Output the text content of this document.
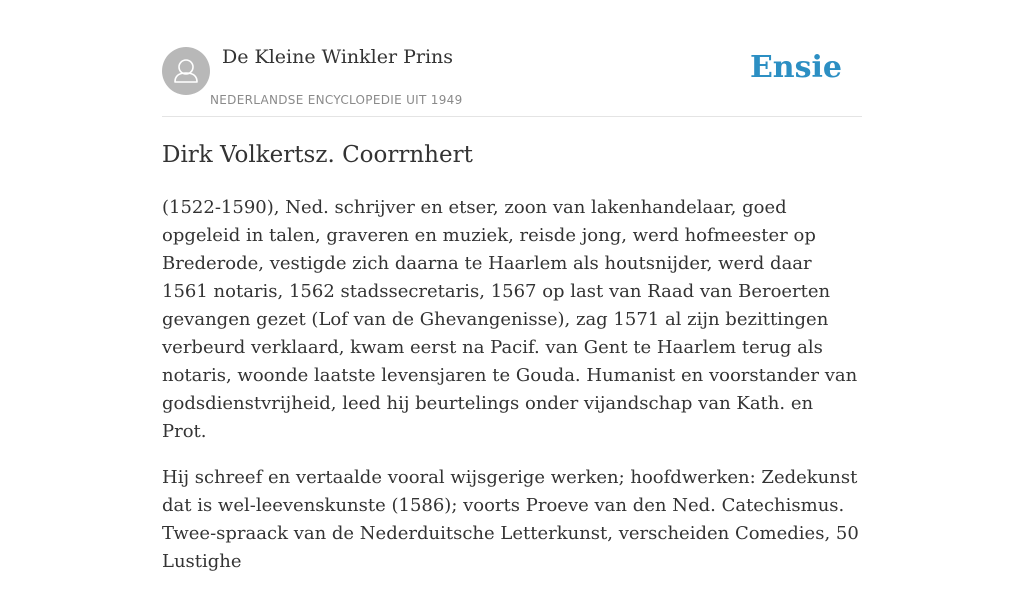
De Kleine Winkler Prins
NEDERLANDSE ENCYCLOPEDIE UIT 1949
Ensie
Dirk Volkertsz. Coorrnhert

(1522-1590), Ned. schrijver en etser, zoon van lakenhandelaar, goed opgeleid in talen, graveren en muziek, reisde jong, werd hofmeester op Brederode, vestigde zich daarna te Haarlem als houtsnijder, werd daar 1561 notaris, 1562 stadssecretaris, 1567 op last van Raad van Beroerten gevangen gezet (Lof van de Ghevangenisse), zag 1571 al zijn bezittingen verbeurd verklaard, kwam eerst na Pacif. van Gent te Haarlem terug als notaris, woonde laatste levensjaren te Gouda. Humanist en voorstander van godsdienstvrijheid, leed hij beurtelings onder vijandschap van Kath. en Prot.

Hij schreef en vertaalde vooral wijsgerige werken; hoofdwerken: Zedekunst dat is wel-leevenskunste (1586); voorts Proeve van den Ned. Catechismus. Twee-spraack van de Nederduitsche Letterkunst, verscheiden Comedies, 50 Lustighe
